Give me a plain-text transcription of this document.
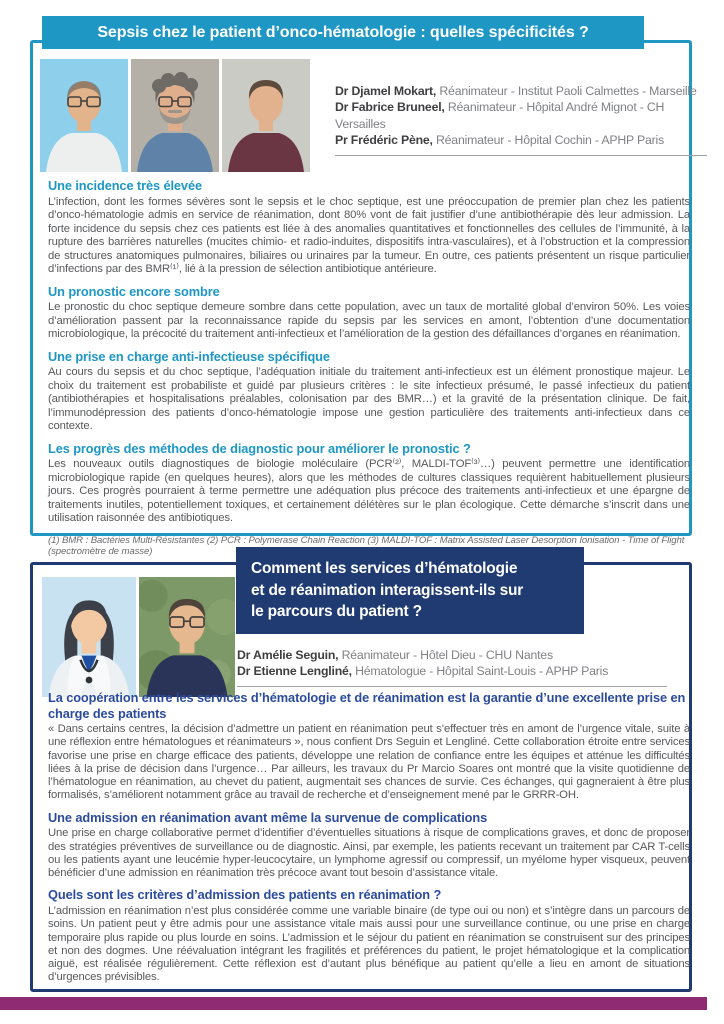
Sepsis chez le patient d’onco-hématologie : quelles spécificités ?
Dr Djamel Mokart, Réanimateur - Institut Paoli Calmettes - Marseille
Dr Fabrice Bruneel, Réanimateur - Hôpital André Mignot - CH Versailles
Pr Frédéric Pène, Réanimateur - Hôpital Cochin - APHP Paris
Une incidence très élevée
L’infection, dont les formes sévères sont le sepsis et le choc septique, est une préoccupation de premier plan chez les patients d’onco-hématologie admis en service de réanimation, dont 80% vont de fait justifier d’une antibiothérapie dès leur admission. La forte incidence du sepsis chez ces patients est liée à des anomalies quantitatives et fonctionnelles des cellules de l’immunité, à la rupture des barrières naturelles (mucites chimio- et radio-induites, dispositifs intra-vasculaires), et à l’obstruction et la compression de structures anatomiques pulmonaires, biliaires ou urinaires par la tumeur. En outre, ces patients présentent un risque particulier d’infections par des BMR⁽¹⁾, lié à la pression de sélection antibiotique antérieure.
Un pronostic encore sombre
Le pronostic du choc septique demeure sombre dans cette population, avec un taux de mortalité global d’environ 50%. Les voies d’amélioration passent par la reconnaissance rapide du sepsis par les services en amont, l’obtention d’une documentation microbiologique, la précocité du traitement anti-infectieux et l’amélioration de la gestion des défaillances d’organes en réanimation.
Une prise en charge anti-infectieuse spécifique
Au cours du sepsis et du choc septique, l’adéquation initiale du traitement anti-infectieux est un élément pronostique majeur. Le choix du traitement est probabiliste et guidé par plusieurs critères : le site infectieux présumé, le passé infectieux du patient (antibiothérapies et hospitalisations préalables, colonisation par des BMR…) et la gravité de la présentation clinique. De fait, l’immunodépression des patients d’onco-hématologie impose une gestion particulière des traitements anti-infectieux dans ce contexte.
Les progrès des méthodes de diagnostic pour améliorer le pronostic ?
Les nouveaux outils diagnostiques de biologie moléculaire (PCR⁽²⁾, MALDI-TOF⁽³⁾…) peuvent permettre une identification microbiologique rapide (en quelques heures), alors que les méthodes de cultures classiques requièrent habituellement plusieurs jours. Ces progrès pourraient à terme permettre une adéquation plus précoce des traitements anti-infectieux et une épargne de traitements inutiles, potentiellement toxiques, et certainement délétères sur le plan écologique. Cette démarche s’inscrit dans une utilisation raisonnée des antibiotiques.
(1) BMR : Bactéries Multi-Résistantes (2) PCR : Polymerase Chain Reaction (3) MALDI-TOF : Matrix Assisted Laser Desorption Ionisation - Time of Flight (spectromètre de masse)
Comment les services d’hématologie
et de réanimation interagissent-ils sur
le parcours du patient ?
Dr Amélie Seguin, Réanimateur - Hôtel Dieu - CHU Nantes
Dr Etienne Lengliné, Hématologue - Hôpital Saint-Louis - APHP Paris
La coopération entre les services d’hématologie et de réanimation est la garantie d’une excellente prise en charge des patients
« Dans certains centres, la décision d’admettre un patient en réanimation peut s’effectuer très en amont de l’urgence vitale, suite à une réflexion entre hématologues et réanimateurs », nous confient Drs Seguin et Lengliné. Cette collaboration étroite entre services favorise une prise en charge efficace des patients, développe une relation de confiance entre les équipes et atténue les difficultés liées à la prise de décision dans l’urgence… Par ailleurs, les travaux du Pr Marcio Soares ont montré que la visite quotidienne de l’hématologue en réanimation, au chevet du patient, augmentait ses chances de survie. Ces échanges, qui gagneraient à être plus formalisés, s’améliorent notamment grâce au travail de recherche et d’enseignement mené par le GRRR-OH.
Une admission en réanimation avant même la survenue de complications
Une prise en charge collaborative permet d’identifier d’éventuelles situations à risque de complications graves, et donc de proposer des stratégies préventives de surveillance ou de diagnostic. Ainsi, par exemple, les patients recevant un traitement par CAR T-cells ou les patients ayant une leucémie hyper-leucocytaire, un lymphome agressif ou compressif, un myélome hyper visqueux, peuvent bénéficier d’une admission en réanimation très précoce avant tout besoin d’assistance vitale.
Quels sont les critères d’admission des patients en réanimation ?
L’admission en réanimation n’est plus considérée comme une variable binaire (de type oui ou non) et s’intègre dans un parcours de soins. Un patient peut y être admis pour une assistance vitale mais aussi pour une surveillance continue, ou une prise en charge temporaire plus rapide ou plus lourde en soins. L’admission et le séjour du patient en réanimation se construisent sur des principes et non des dogmes. Une réévaluation intégrant les fragilités et préférences du patient, le projet hématologique et la complication aiguë, est réalisée régulièrement. Cette réflexion est d’autant plus bénéfique au patient qu’elle a lieu en amont de situations d’urgences prévisibles.
